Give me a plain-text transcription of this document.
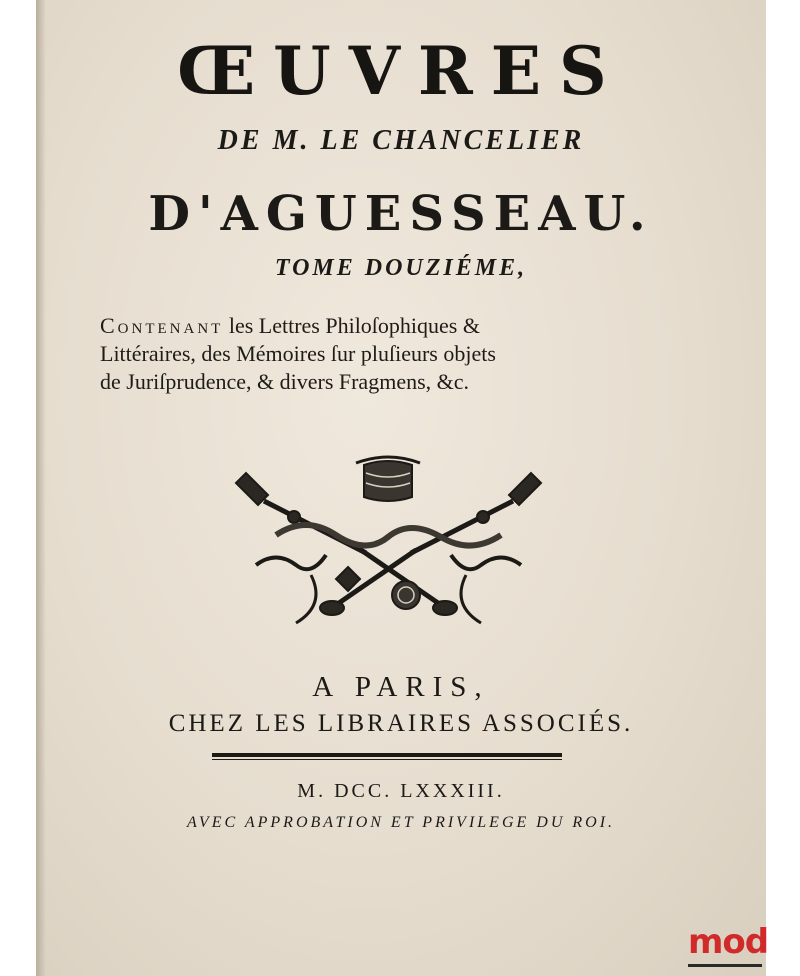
ŒUVRES
DE M. LE CHANCELIER
D'AGUESSEAU.
TOME DOUZIÉME,
Contenant les Lettres Philoſophiques &
Littéraires, des Mémoires ſur pluſieurs objets
de Juriſprudence, & divers Fragmens, &c.
A PARIS,
CHEZ LES LIBRAIRES ASSOCIÉS.
M. DCC. LXXXIII.
AVEC APPROBATION ET PRIVILEGE DU ROI.
mod
